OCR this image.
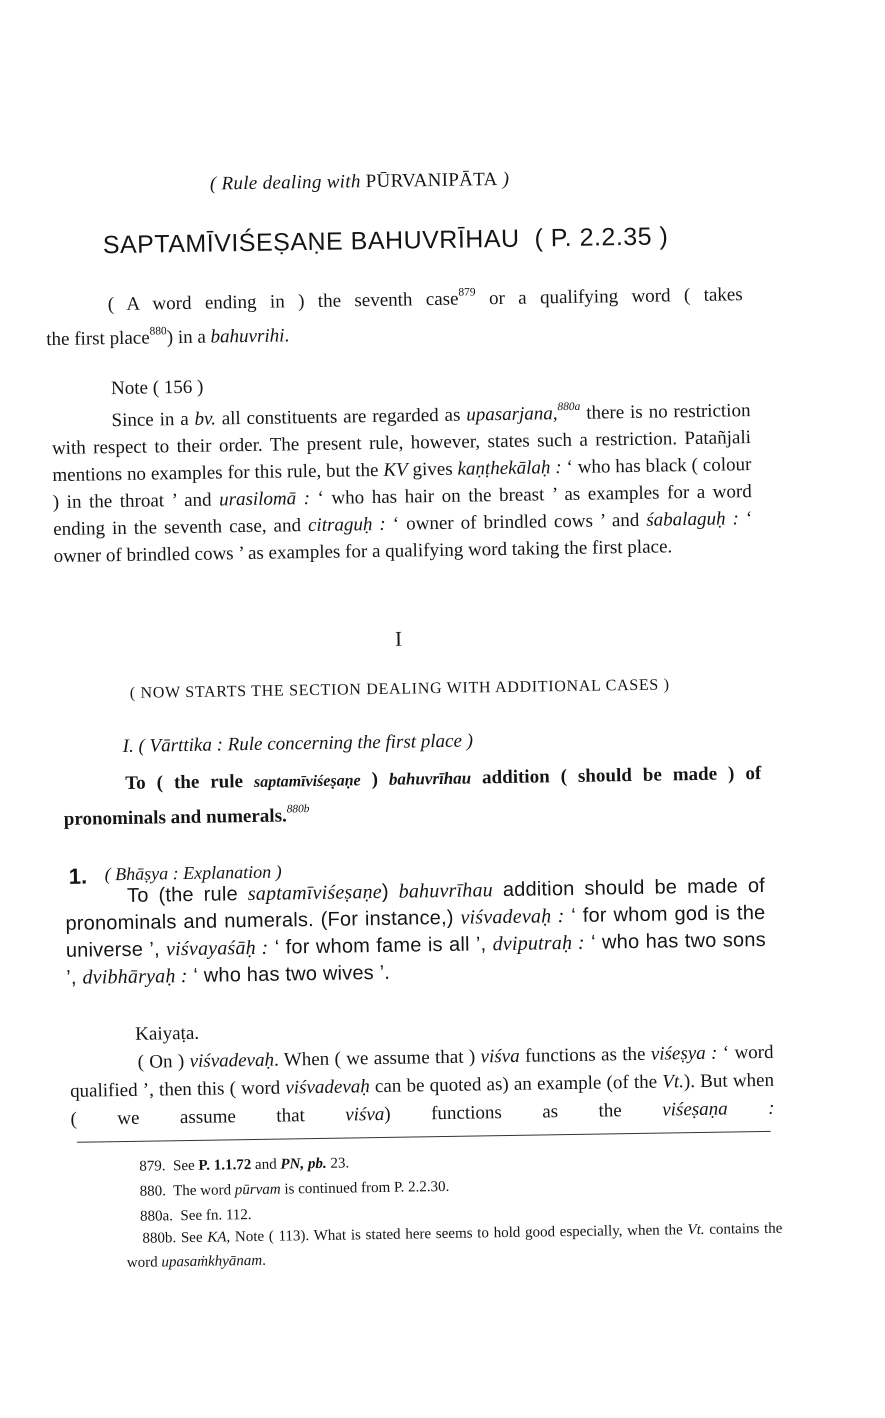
( Rule dealing with PŪRVANIPĀTA )

SAPTAMĪVIŚEṢAṆE BAHUVRĪHAU ( P. 2.2.35 )

( A word ending in ) the seventh case$^{879}$ or a qualifying word ( takes
the first place$^{880}$) in a bahuvrihi.

Note ( 156 )

Since in a bv. all constituents are regarded as upasarjana,$^{880a}$ there is no restriction with respect to their order. The present rule, however, states such a restriction. Patañjali mentions no examples for this rule, but the KV gives kaṇṭhekālaḥ : ‘ who has black ( colour ) in the throat ’ and urasilomā : ‘ who has hair on the breast ’ as examples for a word ending in the seventh case, and citraguḥ : ‘ owner of brindled cows ’ and śabalaguḥ : ‘ owner of brindled cows ’ as examples for a qualifying word taking the first place.

I

( NOW STARTS THE SECTION DEALING WITH ADDITIONAL CASES )

I. ( Vārttika : Rule concerning the first place )

To ( the rule saptamīviśeṣaṇe ) bahuvrīhau addition ( should be made ) of pronominals and numerals.$^{880b}$

1. ( Bhāṣya : Explanation )

To (the rule saptamīviśeṣaṇe) bahuvrīhau addition should be made of pronominals and numerals. (For instance,) viśvadevaḥ : ‘ for whom god is the universe ’, viśvayaśāḥ : ‘ for whom fame is all ’, dviputraḥ : ‘ who has two sons ’, dvibhāryaḥ : ‘ who has two wives ’.

Kaiyaṭa.

( On ) viśvadevaḥ. When ( we assume that ) viśva functions as the viśeṣya : ‘ word qualified ’, then this ( word viśvadevaḥ can be quoted as) an example (of the Vt.). But when ( we assume that viśva) functions as the viśeṣaṇa :

879. See P. 1.1.72 and PN, pb. 23.

880. The word pūrvam is continued from P. 2.2.30.

880a. See fn. 112.

880b. See KA, Note ( 113). What is stated here seems to hold good especially, when the Vt. contains the word upasaṁkhyānam.
